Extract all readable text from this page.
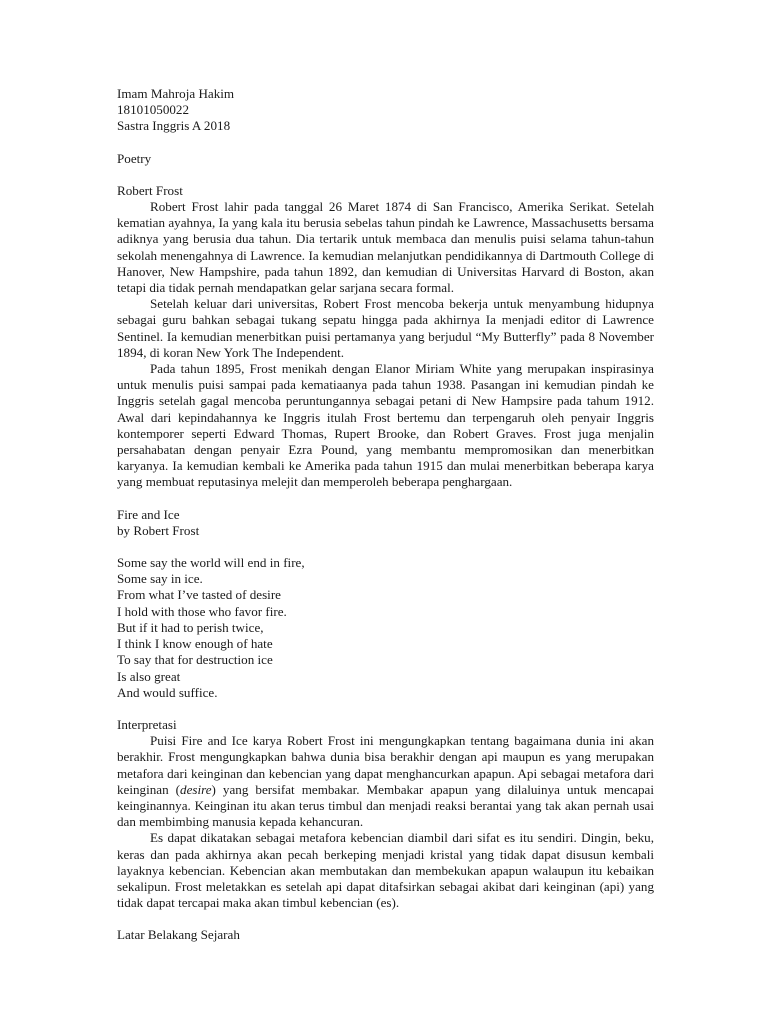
Imam Mahroja Hakim
18101050022
Sastra Inggris A 2018
Poetry
Robert Frost

Robert Frost lahir pada tanggal 26 Maret 1874 di San Francisco, Amerika Serikat. Setelah kematian ayahnya, Ia yang kala itu berusia sebelas tahun pindah ke Lawrence, Massachusetts bersama adiknya yang berusia dua tahun. Dia tertarik untuk membaca dan menulis puisi selama tahun-tahun sekolah menengahnya di Lawrence. Ia kemudian melanjutkan pendidikannya di Dartmouth College di Hanover, New Hampshire, pada tahun 1892, dan kemudian di Universitas Harvard di Boston, akan tetapi dia tidak pernah mendapatkan gelar sarjana secara formal.

Setelah keluar dari universitas, Robert Frost mencoba bekerja untuk menyambung hidupnya sebagai guru bahkan sebagai tukang sepatu hingga pada akhirnya Ia menjadi editor di Lawrence Sentinel. Ia kemudian menerbitkan puisi pertamanya yang berjudul “My Butterfly” pada 8 November 1894, di koran New York The Independent.

Pada tahun 1895, Frost menikah dengan Elanor Miriam White yang merupakan inspirasinya untuk menulis puisi sampai pada kematiaanya pada tahun 1938. Pasangan ini kemudian pindah ke Inggris setelah gagal mencoba peruntungannya sebagai petani di New Hampsire pada tahum 1912. Awal dari kepindahannya ke Inggris itulah Frost bertemu dan terpengaruh oleh penyair Inggris kontemporer seperti Edward Thomas, Rupert Brooke, dan Robert Graves. Frost juga menjalin persahabatan dengan penyair Ezra Pound, yang membantu mempromosikan dan menerbitkan karyanya. Ia kemudian kembali ke Amerika pada tahun 1915 dan mulai menerbitkan beberapa karya yang membuat reputasinya melejit dan memperoleh beberapa penghargaan.

Fire and Ice
by Robert Frost
Some say the world will end in fire,
Some say in ice.
From what I’ve tasted of desire
I hold with those who favor fire.
But if it had to perish twice,
I think I know enough of hate
To say that for destruction ice
Is also great
And would suffice.
Interpretasi

Puisi Fire and Ice karya Robert Frost ini mengungkapkan tentang bagaimana dunia ini akan berakhir. Frost mengungkapkan bahwa dunia bisa berakhir dengan api maupun es yang merupakan metafora dari keinginan dan kebencian yang dapat menghancurkan apapun. Api sebagai metafora dari keinginan (desire) yang bersifat membakar. Membakar apapun yang dilaluinya untuk mencapai keinginannya. Keinginan itu akan terus timbul dan menjadi reaksi berantai yang tak akan pernah usai dan membimbing manusia kepada kehancuran.

Es dapat dikatakan sebagai metafora kebencian diambil dari sifat es itu sendiri. Dingin, beku, keras dan pada akhirnya akan pecah berkeping menjadi kristal yang tidak dapat disusun kembali layaknya kebencian. Kebencian akan membutakan dan membekukan apapun walaupun itu kebaikan sekalipun. Frost meletakkan es setelah api dapat ditafsirkan sebagai akibat dari keinginan (api) yang tidak dapat tercapai maka akan timbul kebencian (es).

Latar Belakang Sejarah
